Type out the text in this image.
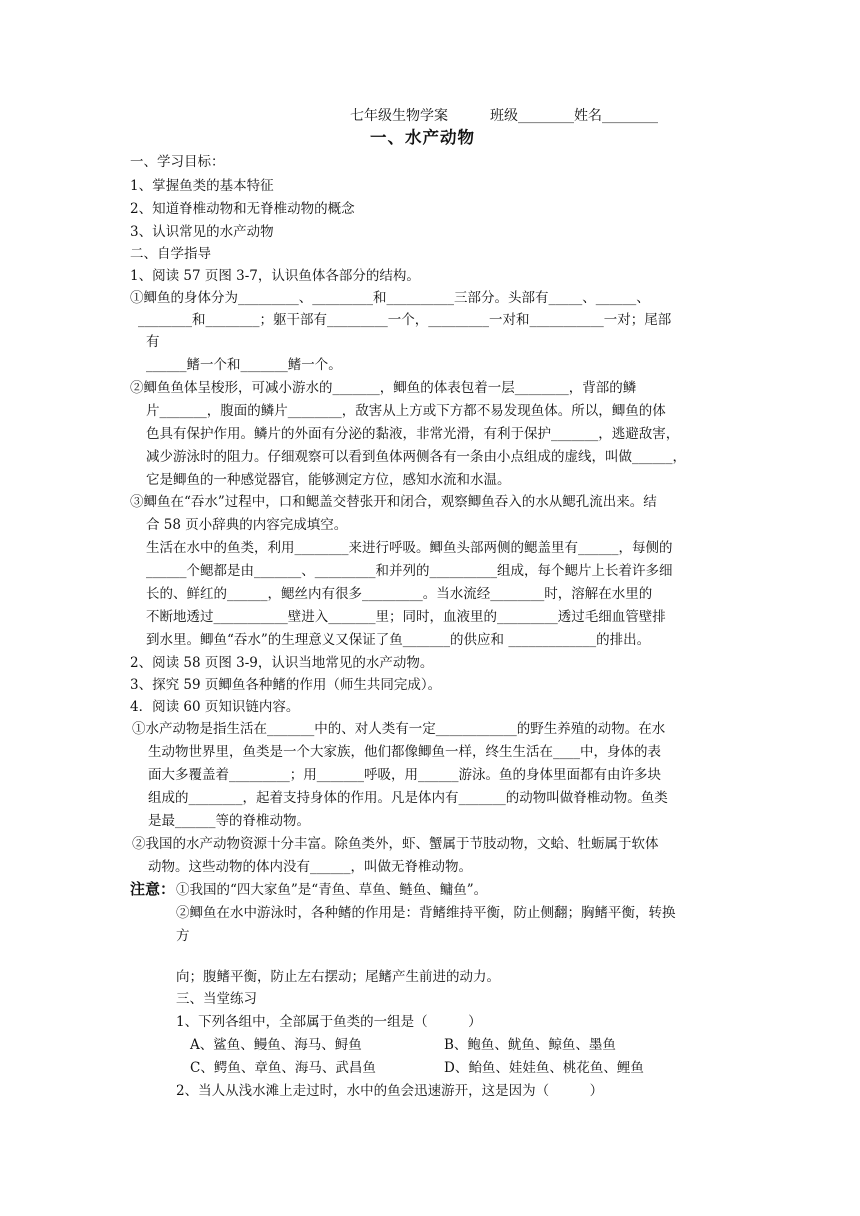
七年级生物学案　　　班级________姓名________
一、水产动物
一、学习目标：
1、掌握鱼类的基本特征
2、知道脊椎动物和无脊椎动物的概念
3、认识常见的水产动物
二、自学指导
1、阅读 57 页图 3-7，认识鱼体各部分的结构。
①鲫鱼的身体分为_________、_________和__________三部分。头部有_____、______、
________和________；躯干部有_________一个，_________一对和___________一对；尾部
有
______鳍一个和_______鳍一个。
②鲫鱼鱼体呈梭形，可减小游水的_______，鲫鱼的体表包着一层________，背部的鳞
片_______，腹面的鳞片________，敌害从上方或下方都不易发现鱼体。所以，鲫鱼的体
色具有保护作用。鳞片的外面有分泌的黏液，非常光滑，有利于保护_______，逃避敌害，
减少游泳时的阻力。仔细观察可以看到鱼体两侧各有一条由小点组成的虚线，叫做______，
它是鲫鱼的一种感觉器官，能够测定方位，感知水流和水温。
③鲫鱼在“吞水”过程中，口和鳃盖交替张开和闭合，观察鲫鱼吞入的水从鳃孔流出来。结
合 58 页小辞典的内容完成填空。
生活在水中的鱼类，利用________来进行呼吸。鲫鱼头部两侧的鳃盖里有______，每侧的
______个鳃都是由_______、_________和并列的__________组成，每个鳃片上长着许多细
长的、鲜红的______，鳃丝内有很多_________。当水流经________时，溶解在水里的
不断地透过___________壁进入_______里；同时，血液里的_________透过毛细血管壁排
到水里。鲫鱼“吞水”的生理意义又保证了鱼_______的供应和 _____________的排出。
2、阅读 58 页图 3-9，认识当地常见的水产动物。
3、探究 59 页鲫鱼各种鳍的作用（师生共同完成）。
4．阅读 60 页知识链内容。
①水产动物是指生活在_______中的、对人类有一定____________的野生养殖的动物。在水
生动物世界里，鱼类是一个大家族，他们都像鲫鱼一样，终生生活在____中，身体的表
面大多覆盖着_________；用_______呼吸，用______游泳。鱼的身体里面都有由许多块
组成的________，起着支持身体的作用。凡是体内有_______的动物叫做脊椎动物。鱼类
是最______等的脊椎动物。
②我国的水产动物资源十分丰富。除鱼类外，虾、蟹属于节肢动物，文蛤、牡蛎属于软体
动物。这些动物的体内没有______，叫做无脊椎动物。
注意： ①我国的“四大家鱼”是“青鱼、草鱼、鲢鱼、鳙鱼”。
②鲫鱼在水中游泳时，各种鳍的作用是：背鳍维持平衡，防止侧翻；胸鳍平衡，转换
方
向；腹鳍平衡，防止左右摆动；尾鳍产生前进的动力。
三、当堂练习
1、下列各组中，全部属于鱼类的一组是（　　　）
A、鲨鱼、鳗鱼、海马、鲟鱼	B、鲍鱼、鱿鱼、鲸鱼、墨鱼
C、鳄鱼、章鱼、海马、武昌鱼	D、鲐鱼、娃娃鱼、桃花鱼、鲤鱼
2、当人从浅水滩上走过时，水中的鱼会迅速游开，这是因为（　　　）
